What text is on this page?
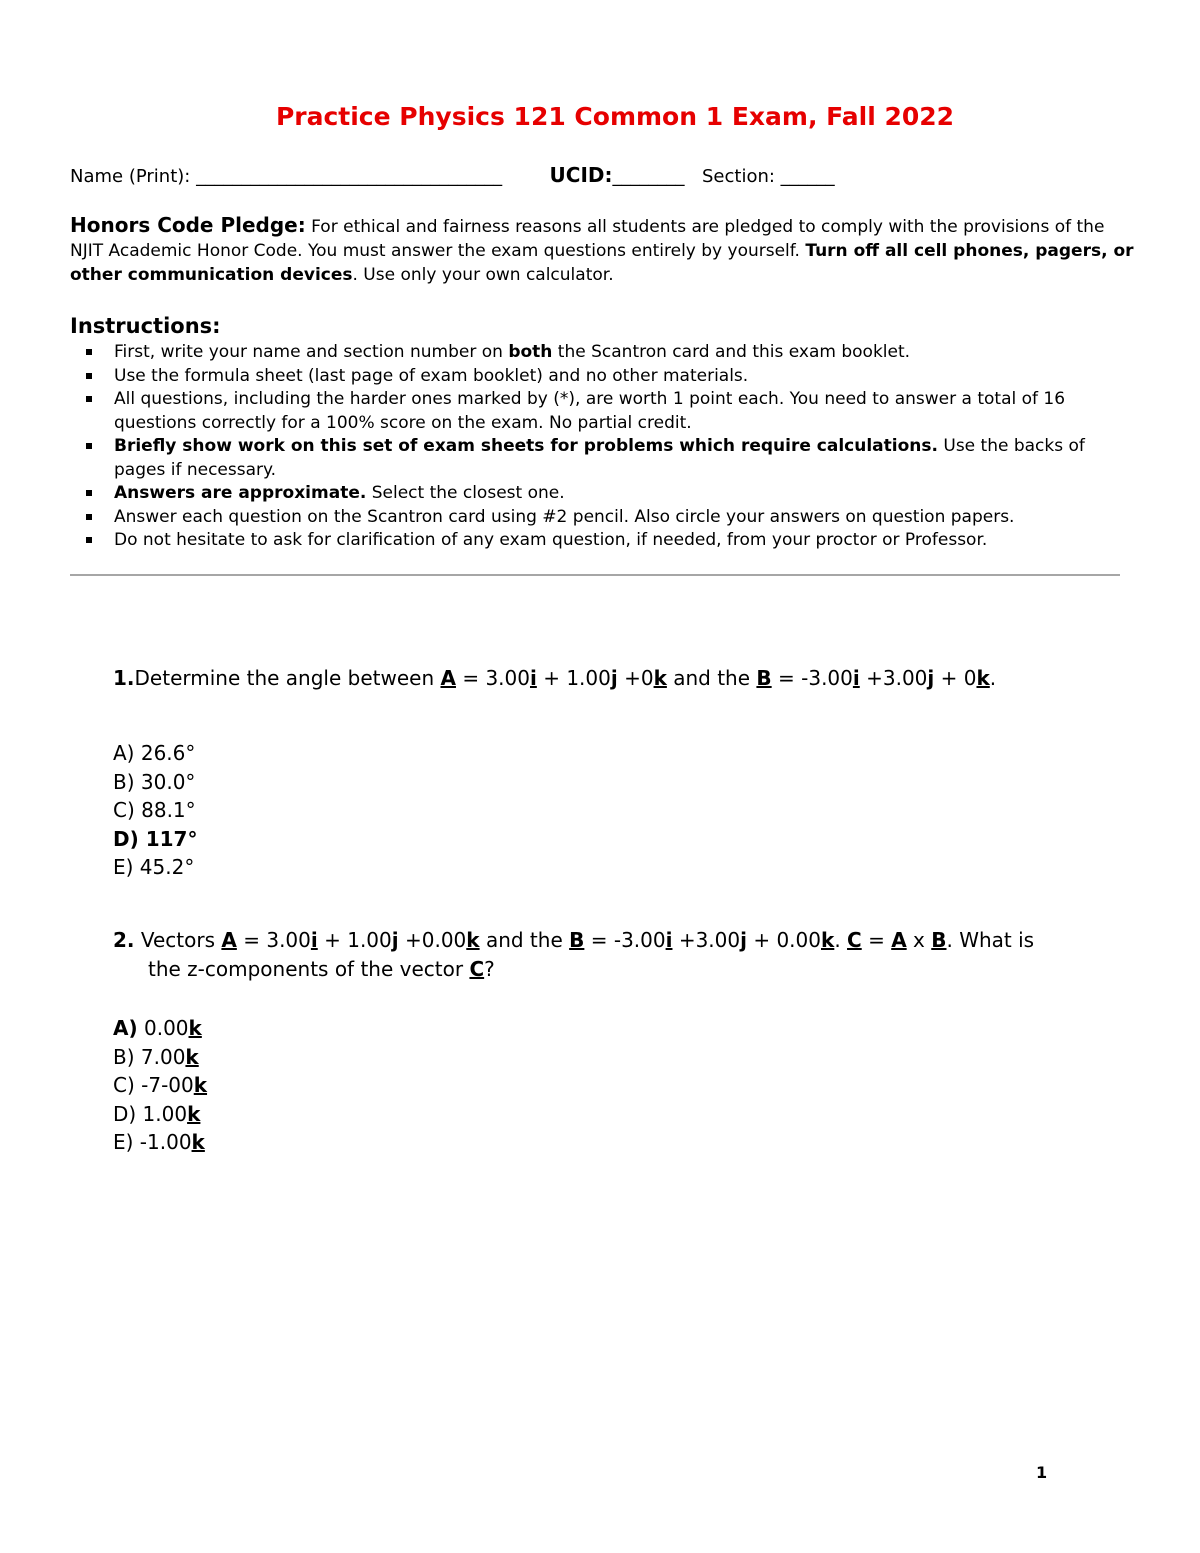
Practice Physics 121 Common 1 Exam, Fall 2022
Name (Print): __________________________________ UCID:________ Section: ______
Honors Code Pledge: For ethical and fairness reasons all students are pledged to comply with the provisions of the NJIT Academic Honor Code. You must answer the exam questions entirely by yourself. Turn off all cell phones, pagers, or other communication devices. Use only your own calculator.
Instructions:
First, write your name and section number on both the Scantron card and this exam booklet.
Use the formula sheet (last page of exam booklet) and no other materials.
All questions, including the harder ones marked by (*), are worth 1 point each. You need to answer a total of 16 questions correctly for a 100% score on the exam. No partial credit.
Briefly show work on this set of exam sheets for problems which require calculations. Use the backs of pages if necessary.
Answers are approximate. Select the closest one.
Answer each question on the Scantron card using #2 pencil. Also circle your answers on question papers.
Do not hesitate to ask for clarification of any exam question, if needed, from your proctor or Professor.
1.Determine the angle between A = 3.00i + 1.00j +0k and the B = -3.00i +3.00j + 0k.
A) 26.6°
B) 30.0°
C) 88.1°
D) 117°
E) 45.2°
2. Vectors A = 3.00i + 1.00j +0.00k and the B = -3.00i +3.00j + 0.00k. C = A x B. What is
the z-components of the vector C?
A) 0.00k
B) 7.00k
C) -7-00k
D) 1.00k
E) -1.00k
1
